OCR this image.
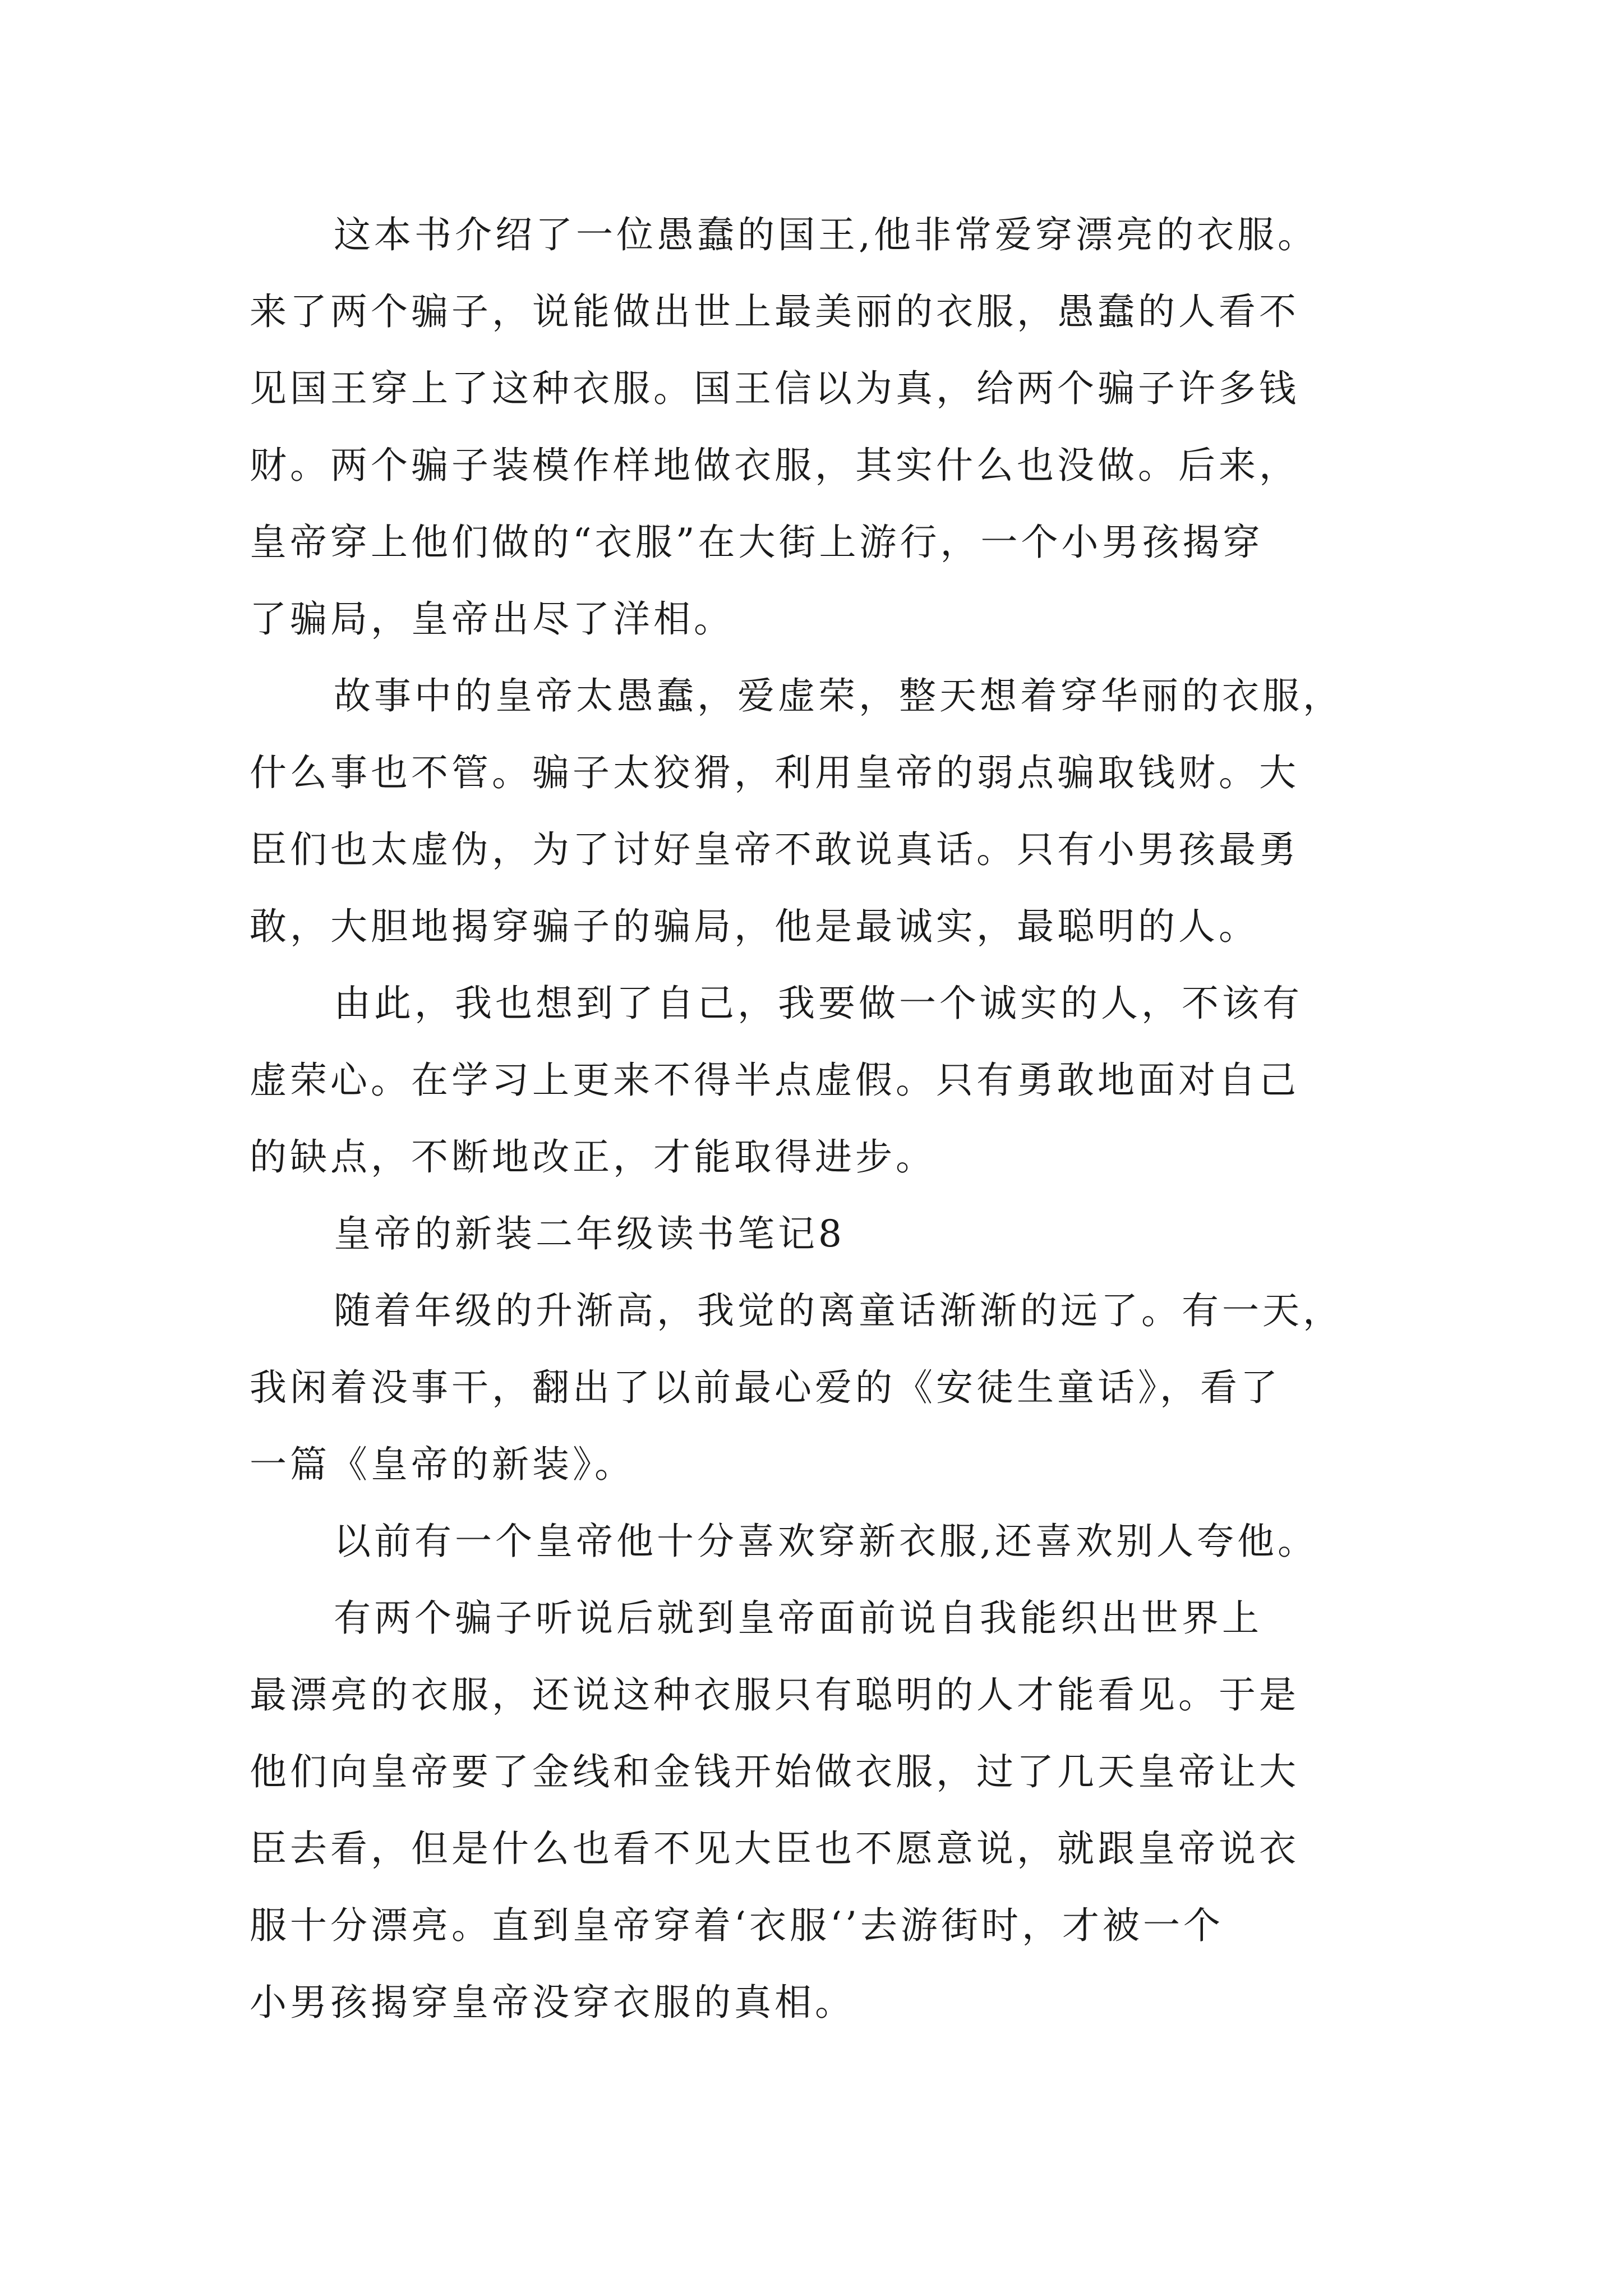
这本书介绍了一位愚蠢的国王,他非常爱穿漂亮的衣服。
来了两个骗子，说能做出世上最美丽的衣服，愚蠢的人看不
见国王穿上了这种衣服。国王信以为真，给两个骗子许多钱
财。两个骗子装模作样地做衣服，其实什么也没做。后来，
皇帝穿上他们做的“衣服”在大街上游行，一个小男孩揭穿
了骗局，皇帝出尽了洋相。

故事中的皇帝太愚蠢，爱虚荣，整天想着穿华丽的衣服，
什么事也不管。骗子太狡猾，利用皇帝的弱点骗取钱财。大
臣们也太虚伪，为了讨好皇帝不敢说真话。只有小男孩最勇
敢，大胆地揭穿骗子的骗局，他是最诚实，最聪明的人。

由此，我也想到了自己，我要做一个诚实的人，不该有
虚荣心。在学习上更来不得半点虚假。只有勇敢地面对自己
的缺点，不断地改正，才能取得进步。

皇帝的新装二年级读书笔记8

随着年级的升渐高，我觉的离童话渐渐的远了。有一天，
我闲着没事干，翻出了以前最心爱的《安徒生童话》，看了
一篇《皇帝的新装》。

以前有一个皇帝他十分喜欢穿新衣服,还喜欢别人夸他。

有两个骗子听说后就到皇帝面前说自我能织出世界上
最漂亮的衣服，还说这种衣服只有聪明的人才能看见。于是
他们向皇帝要了金线和金钱开始做衣服，过了几天皇帝让大
臣去看，但是什么也看不见大臣也不愿意说，就跟皇帝说衣
服十分漂亮。直到皇帝穿着‘衣服‘’去游街时，才被一个
小男孩揭穿皇帝没穿衣服的真相。
